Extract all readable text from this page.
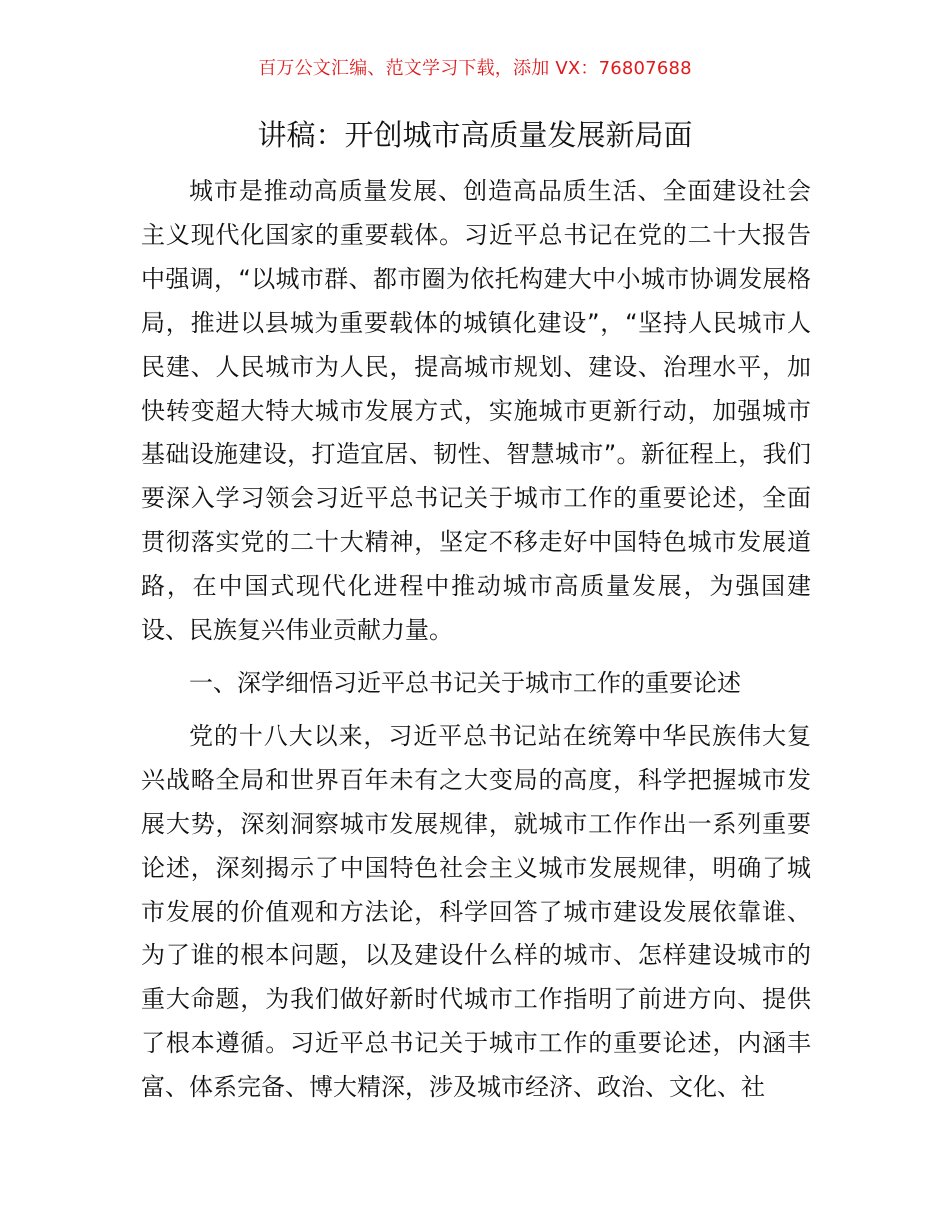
百万公文汇编、范文学习下载，添加 VX：76807688
讲稿：开创城市高质量发展新局面

城市是推动高质量发展、创造高品质生活、全面建设社会主义现代化国家的重要载体。习近平总书记在党的二十大报告中强调，“以城市群、都市圈为依托构建大中小城市协调发展格局，推进以县城为重要载体的城镇化建设”，“坚持人民城市人民建、人民城市为人民，提高城市规划、建设、治理水平，加快转变超大特大城市发展方式，实施城市更新行动，加强城市基础设施建设，打造宜居、韧性、智慧城市”。新征程上，我们要深入学习领会习近平总书记关于城市工作的重要论述，全面贯彻落实党的二十大精神，坚定不移走好中国特色城市发展道路，在中国式现代化进程中推动城市高质量发展，为强国建设、民族复兴伟业贡献力量。

一、深学细悟习近平总书记关于城市工作的重要论述

党的十八大以来，习近平总书记站在统筹中华民族伟大复兴战略全局和世界百年未有之大变局的高度，科学把握城市发展大势，深刻洞察城市发展规律，就城市工作作出一系列重要论述，深刻揭示了中国特色社会主义城市发展规律，明确了城市发展的价值观和方法论，科学回答了城市建设发展依靠谁、为了谁的根本问题，以及建设什么样的城市、怎样建设城市的重大命题，为我们做好新时代城市工作指明了前进方向、提供了根本遵循。习近平总书记关于城市工作的重要论述，内涵丰富、体系完备、博大精深，涉及城市经济、政治、文化、社
